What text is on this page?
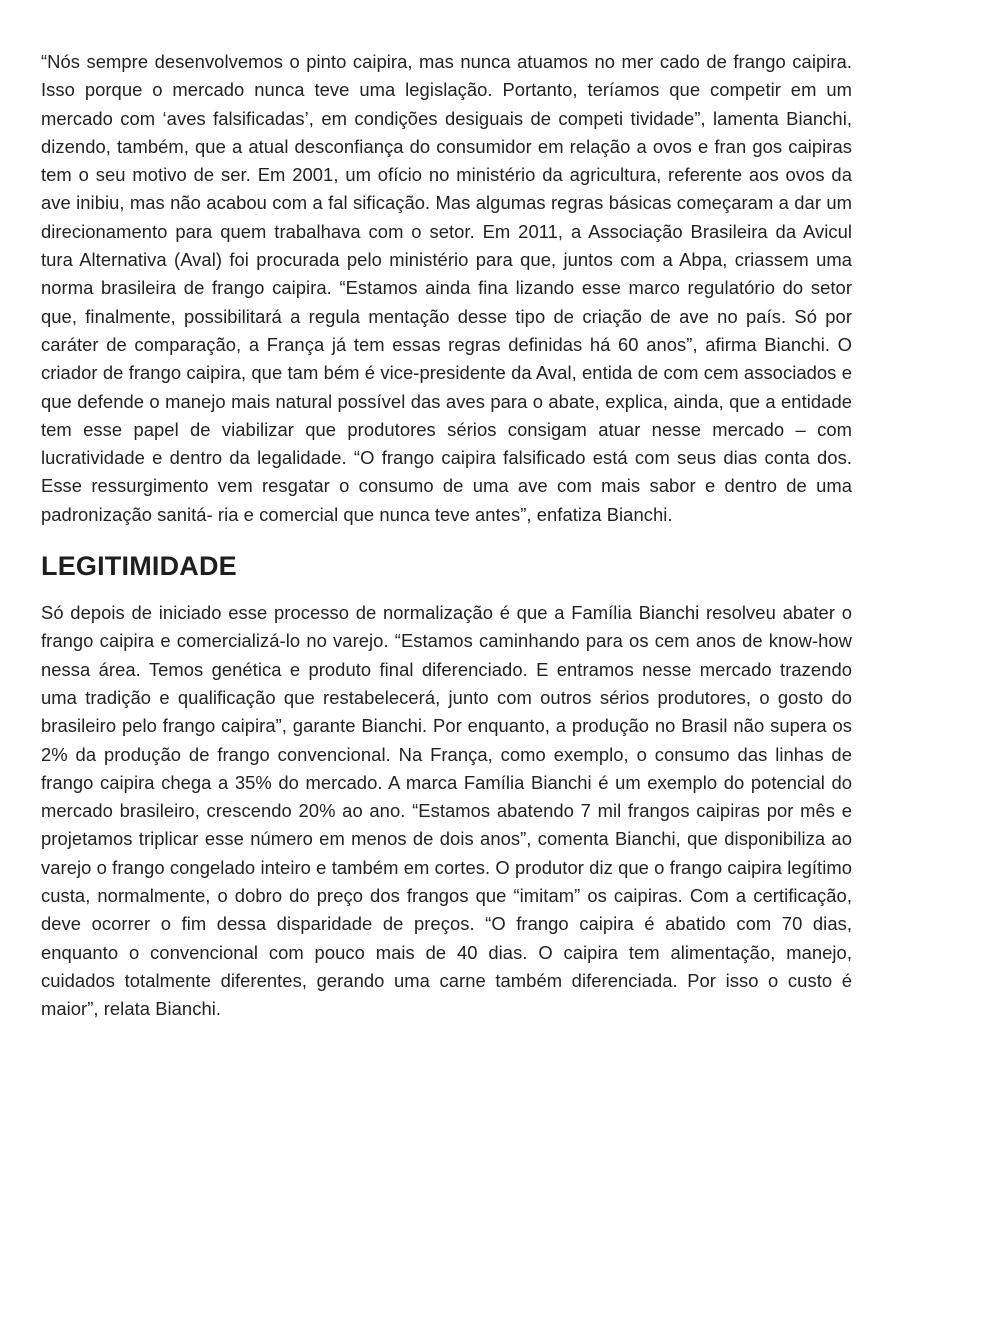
“Nós sempre desenvolvemos o pinto caipira, mas nunca atuamos no mer cado de frango caipira. Isso porque o mercado nunca teve uma legislação. Portanto, teríamos que competir em um mercado com ‘aves falsificadas’, em condições desiguais de competi tividade”, lamenta Bianchi, dizendo, também, que a atual desconfiança do consumidor em relação a ovos e fran gos caipiras tem o seu motivo de ser. Em 2001, um ofício no ministério da agricultura, referente aos ovos da ave inibiu, mas não acabou com a fal sificação. Mas algumas regras básicas começaram a dar um direcionamento para quem trabalhava com o setor. Em 2011, a Associação Brasileira da Avicul tura Alternativa (Aval) foi procurada pelo ministério para que, juntos com a Abpa, criassem uma norma brasileira de frango caipira. “Estamos ainda fina lizando esse marco regulatório do setor que, finalmente, possibilitará a regula mentação desse tipo de criação de ave no país. Só por caráter de comparação, a França já tem essas regras definidas há 60 anos”, afirma Bianchi. O criador de frango caipira, que tam bém é vice-presidente da Aval, entida de com cem associados e que defende o manejo mais natural possível das aves para o abate, explica, ainda, que a entidade tem esse papel de viabilizar que produtores sérios consigam atuar nesse mercado – com lucratividade e dentro da legalidade. “O frango caipira falsificado está com seus dias conta dos. Esse ressurgimento vem resgatar o consumo de uma ave com mais sabor e dentro de uma padronização sanitá- ria e comercial que nunca teve antes”, enfatiza Bianchi.

LEGITIMIDADE

Só depois de iniciado esse processo de normalização é que a Família Bianchi resolveu abater o frango caipira e comercializá-lo no varejo. “Estamos caminhando para os cem anos de know-how nessa área. Temos genética e produto final diferenciado. E entramos nesse mercado trazendo uma tradição e qualificação que restabelecerá, junto com outros sérios produtores, o gosto do brasileiro pelo frango caipira”, garante Bianchi. Por enquanto, a produção no Brasil não supera os 2% da produção de frango convencional. Na França, como exemplo, o consumo das linhas de frango caipira chega a 35% do mercado. A marca Família Bianchi é um exemplo do potencial do mercado brasileiro, crescendo 20% ao ano. “Estamos abatendo 7 mil frangos caipiras por mês e projetamos triplicar esse número em menos de dois anos”, comenta Bianchi, que disponibiliza ao varejo o frango congelado inteiro e também em cortes. O produtor diz que o frango caipira legítimo custa, normalmente, o dobro do preço dos frangos que “imitam” os caipiras. Com a certificação, deve ocorrer o fim dessa disparidade de preços. “O frango caipira é abatido com 70 dias, enquanto o convencional com pouco mais de 40 dias. O caipira tem alimentação, manejo, cuidados totalmente diferentes, gerando uma carne também diferenciada. Por isso o custo é maior”, relata Bianchi.
